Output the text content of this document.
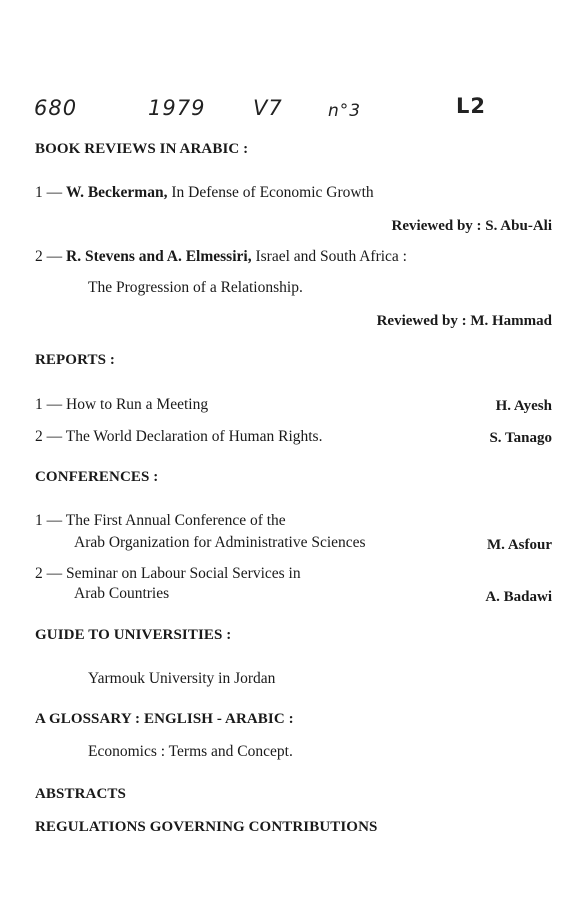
680	1979 V7	n°3	L2
BOOK REVIEWS IN ARABIC :
1 — W. Beckerman, In Defense of Economic Growth
Reviewed by : S. Abu-Ali
2 — R. Stevens and A. Elmessiri, Israel and South Africa :
The Progression of a Relationship.
Reviewed by : M. Hammad
REPORTS :
1 — How to Run a Meeting	H. Ayesh
2 — The World Declaration of Human Rights.	S. Tanago
CONFERENCES :
1 — The First Annual Conference of the
Arab Organization for Administrative Sciences	M. Asfour
2 — Seminar on Labour Social Services in
Arab Countries	A. Badawi
GUIDE TO UNIVERSITIES :
Yarmouk University in Jordan
A GLOSSARY : ENGLISH - ARABIC :
Economics : Terms and Concept.
ABSTRACTS
REGULATIONS GOVERNING CONTRIBUTIONS
